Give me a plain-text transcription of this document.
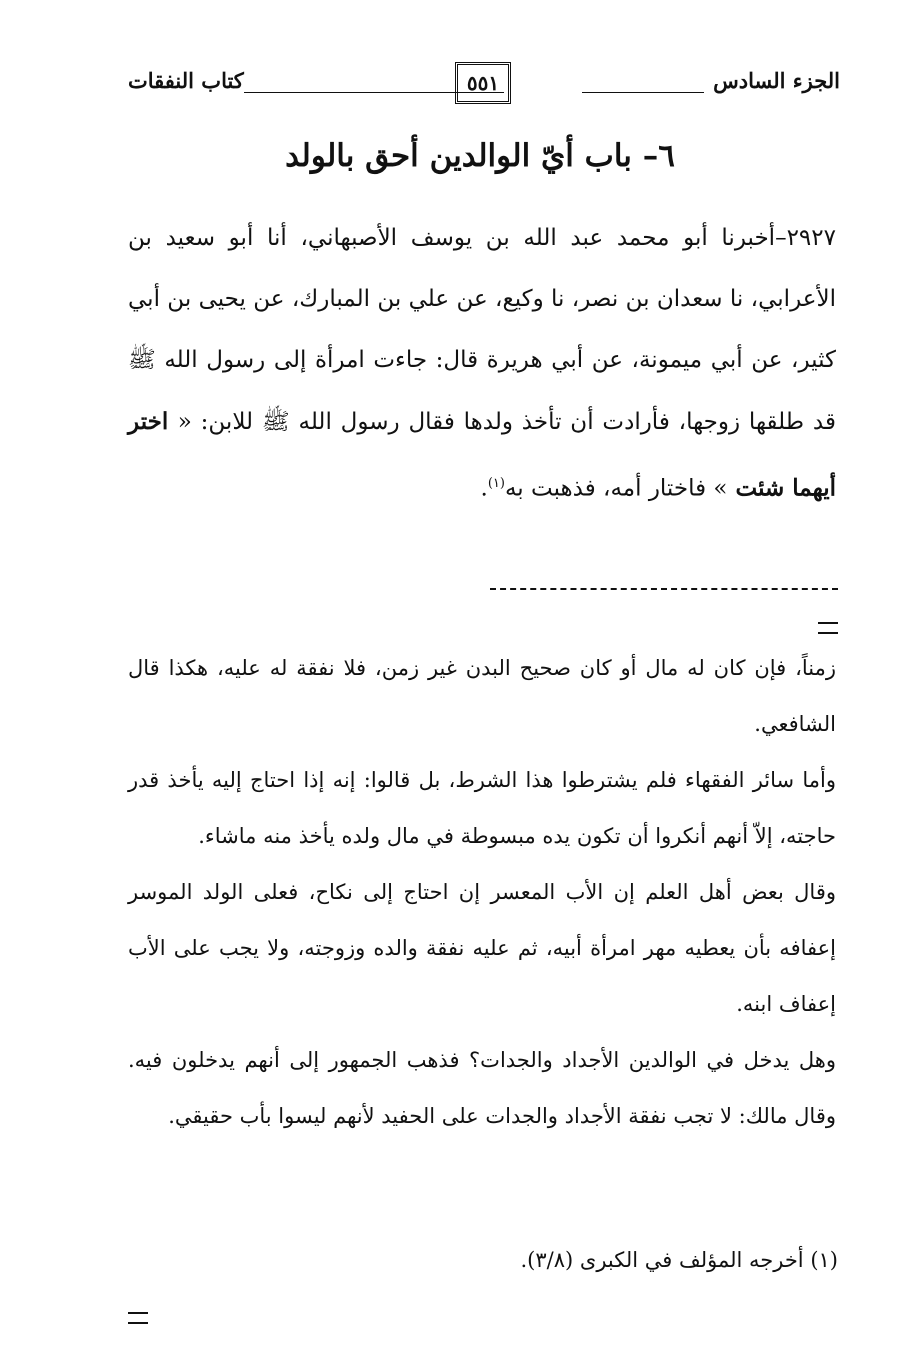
الجزء السادس
٥٥١
كتاب النفقات
٦– باب أيّ الوالدين أحق بالولد

٢٩٢٧–أخبرنا أبو محمد عبد الله بن يوسف الأصبهاني، أنا أبو سعيد بن الأعرابي، نا سعدان بن نصر، نا وكيع، عن علي بن المبارك، عن يحيى بن أبي كثير، عن أبي ميمونة، عن أبي هريرة قال: جاءت امرأة إلى رسول الله ﷺ قد طلقها زوجها، فأرادت أن تأخذ ولدها فقال رسول الله ﷺ للابن: « اختر أيهما شئت » فاختار أمه، فذهبت به$^{(١)}$.

زمناً، فإن كان له مال أو كان صحيح البدن غير زمن، فلا نفقة له عليه، هكذا قال الشافعي.

وأما سائر الفقهاء فلم يشترطوا هذا الشرط، بل قالوا: إنه إذا احتاج إليه يأخذ قدر حاجته، إلاّ أنهم أنكروا أن تكون يده مبسوطة في مال ولده يأخذ منه ماشاء.

وقال بعض أهل العلم إن الأب المعسر إن احتاج إلى نكاح، فعلى الولد الموسر إعفافه بأن يعطيه مهر امرأة أبيه، ثم عليه نفقة والده وزوجته، ولا يجب على الأب إعفاف ابنه.

وهل يدخل في الوالدين الأجداد والجدات؟ فذهب الجمهور إلى أنهم يدخلون فيه. وقال مالك: لا تجب نفقة الأجداد والجدات على الحفيد لأنهم ليسوا بأب حقيقي.

(١) أخرجه المؤلف في الكبرى (٣/٨).
